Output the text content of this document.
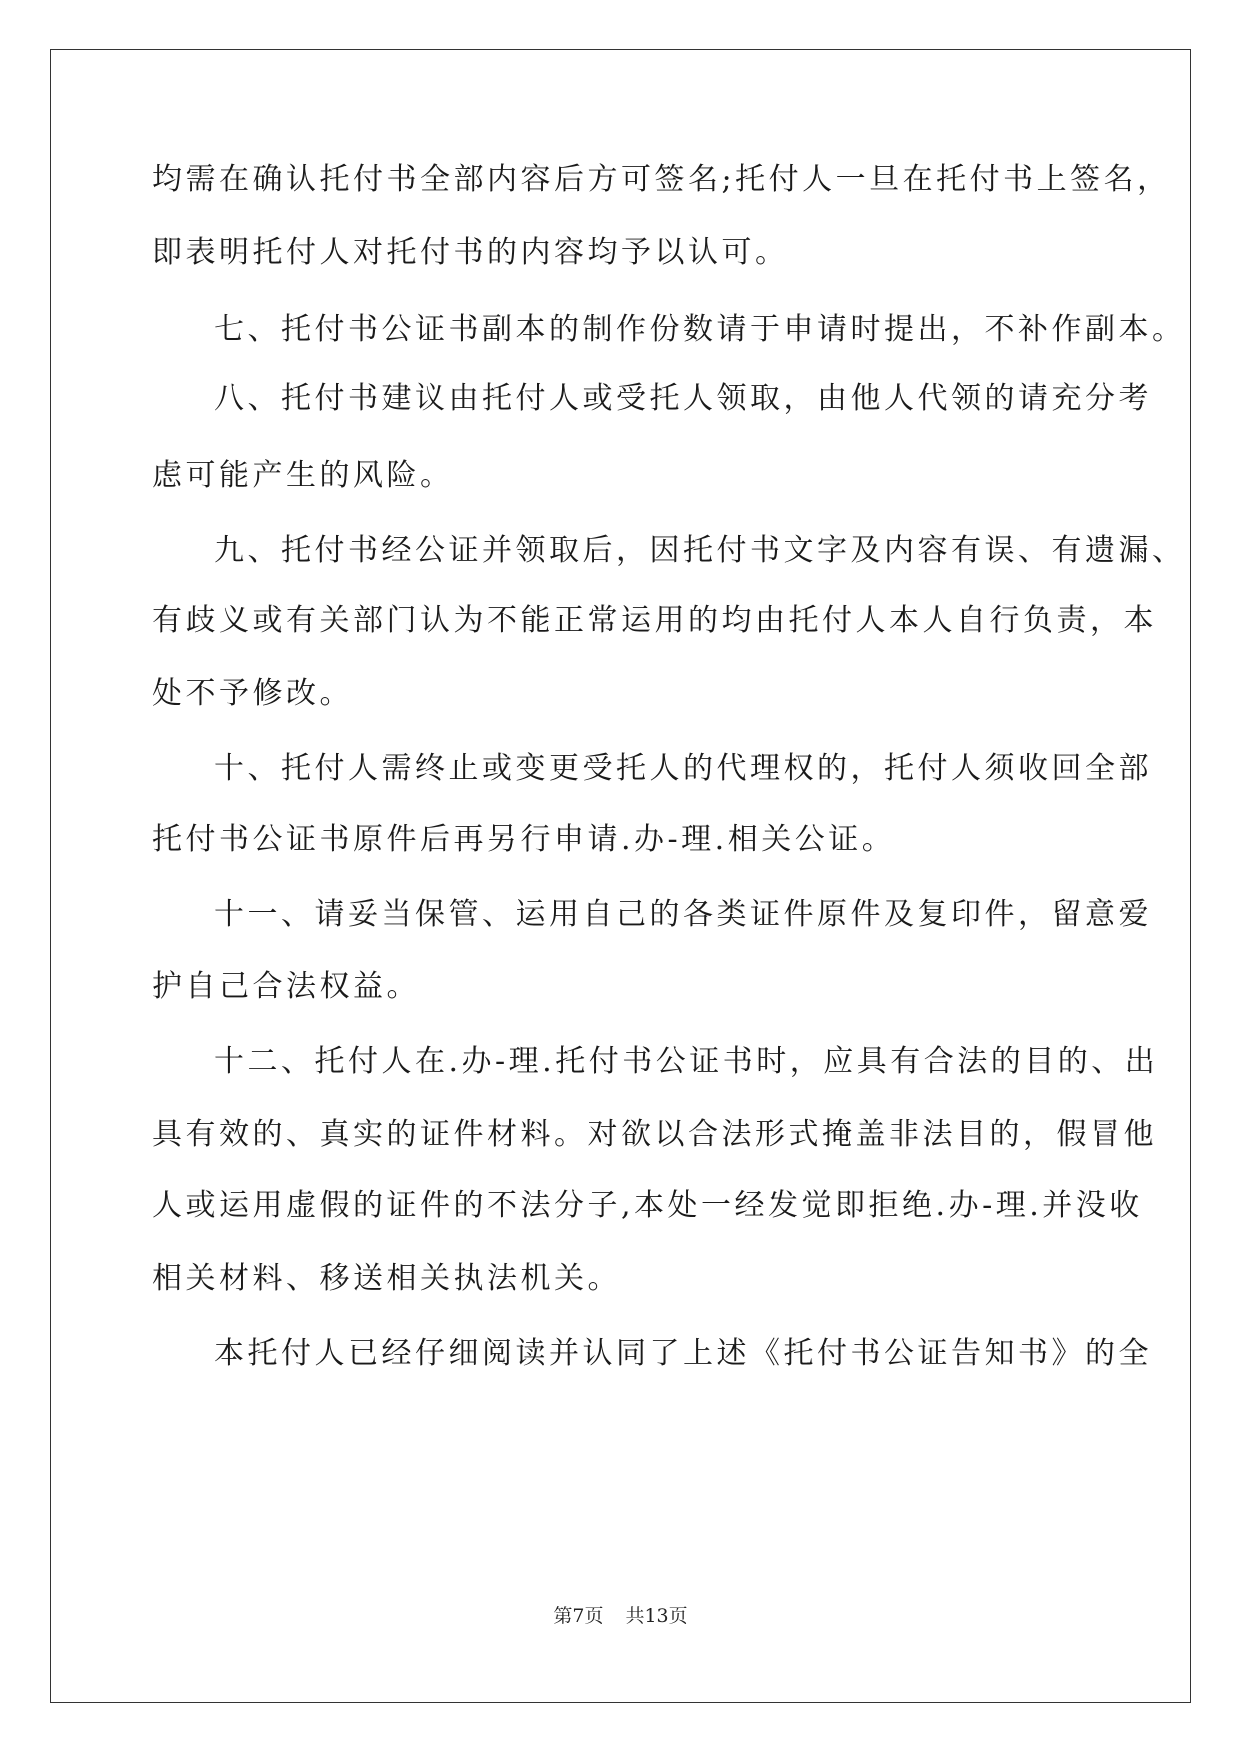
均需在确认托付书全部内容后方可签名;托付人一旦在托付书上签名，
即表明托付人对托付书的内容均予以认可。
七、托付书公证书副本的制作份数请于申请时提出，不补作副本。
八、托付书建议由托付人或受托人领取，由他人代领的请充分考
虑可能产生的风险。
九、托付书经公证并领取后，因托付书文字及内容有误、有遗漏、
有歧义或有关部门认为不能正常运用的均由托付人本人自行负责，本
处不予修改。
十、托付人需终止或变更受托人的代理权的，托付人须收回全部
托付书公证书原件后再另行申请.办-理.相关公证。
十一、请妥当保管、运用自己的各类证件原件及复印件，留意爱
护自己合法权益。
十二、托付人在.办-理.托付书公证书时，应具有合法的目的、出
具有效的、真实的证件材料。对欲以合法形式掩盖非法目的，假冒他
人或运用虚假的证件的不法分子,本处一经发觉即拒绝.办-理.并没收
相关材料、移送相关执法机关。
本托付人已经仔细阅读并认同了上述《托付书公证告知书》的全
第7页 共13页
